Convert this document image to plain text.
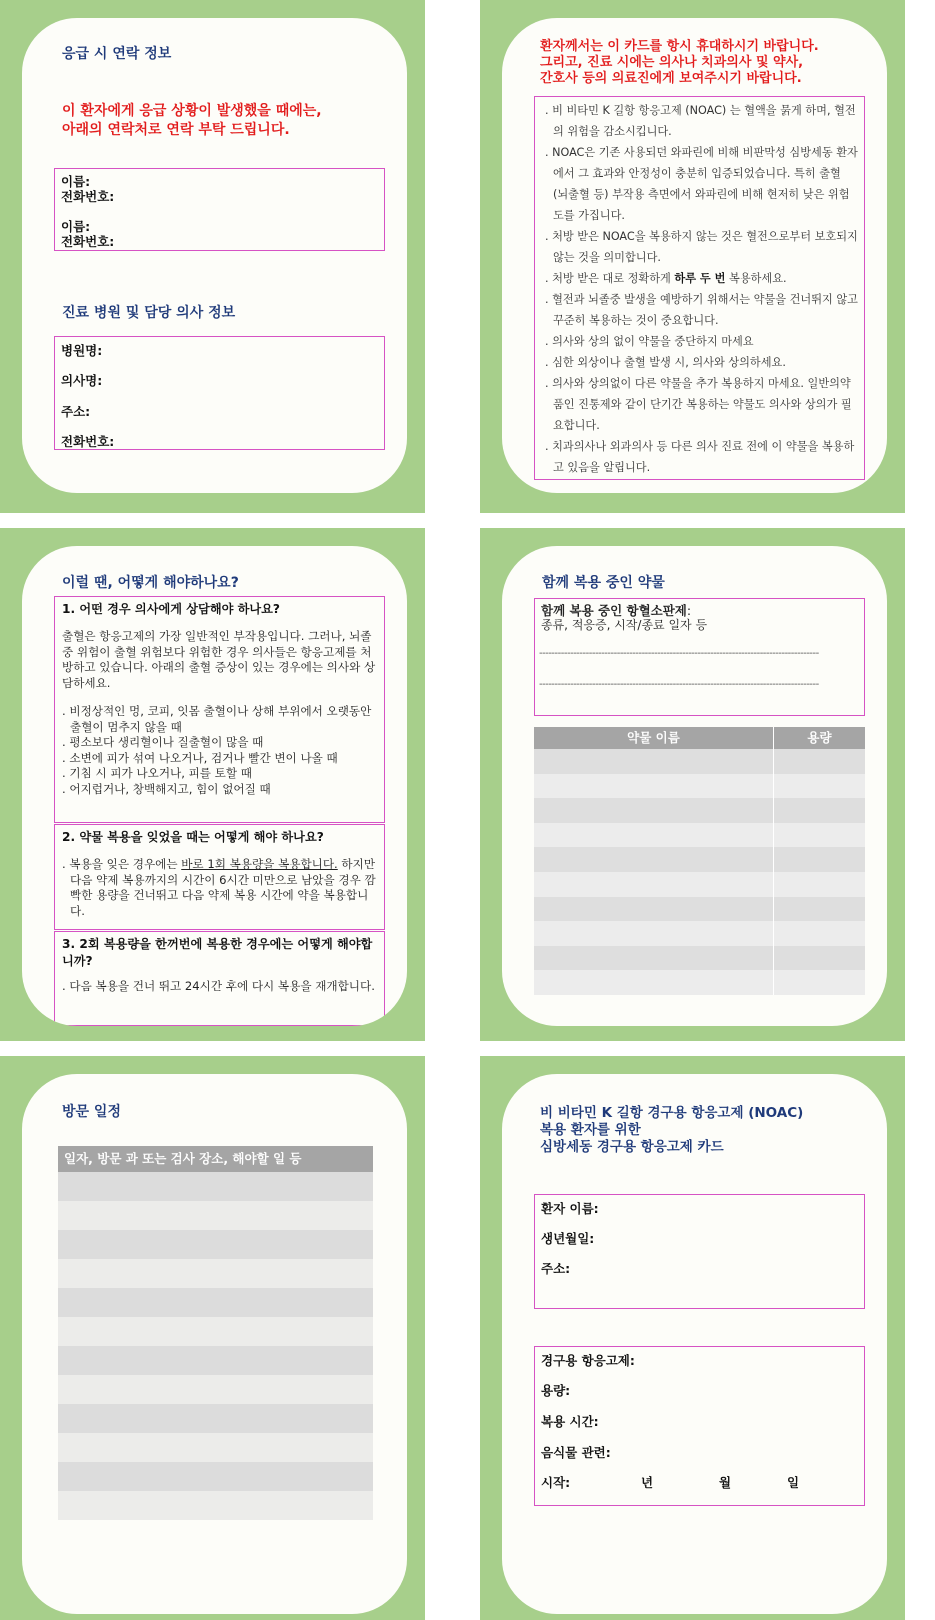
응급 시 연락 정보
이 환자에게 응급 상황이 발생했을 때에는,
아래의 연락처로 연락 부탁 드립니다.
이름:
전화번호:
이름:
전화번호:
진료 병원 및 담당 의사 정보
병원명:
의사명:
주소:
전화번호:
환자께서는 이 카드를 항시 휴대하시기 바랍니다.
그리고, 진료 시에는 의사나 치과의사 및 약사,
간호사 등의 의료진에게 보여주시기 바랍니다.
. 비 비타민 K 길항 항응고제 (NOAC) 는 혈액을 묽게 하며, 혈전의 위험을 감소시킵니다.
. NOAC은 기존 사용되던 와파린에 비해 비판막성 심방세동 환자에서 그 효과와 안정성이 충분히 입증되었습니다. 특히 출혈 (뇌출혈 등) 부작용 측면에서 와파린에 비해 현저히 낮은 위험도를 가집니다.
. 처방 받은 NOAC을 복용하지 않는 것은 혈전으로부터 보호되지 않는 것을 의미합니다.
. 처방 받은 대로 정확하게 하루 두 번 복용하세요.
. 혈전과 뇌졸중 발생을 예방하기 위해서는 약물을 건너뛰지 않고 꾸준히 복용하는 것이 중요합니다.
. 의사와 상의 없이 약물을 중단하지 마세요
. 심한 외상이나 출혈 발생 시, 의사와 상의하세요.
. 의사와 상의없이 다른 약물을 추가 복용하지 마세요. 일반의약품인 진통제와 같이 단기간 복용하는 약물도 의사와 상의가 필요합니다.
. 치과의사나 외과의사 등 다른 의사 진료 전에 이 약물을 복용하고 있음을 알립니다.
이럴 땐, 어떻게 해야하나요?
1. 어떤 경우 의사에게 상담해야 하나요?
출혈은 항응고제의 가장 일반적인 부작용입니다. 그러나, 뇌졸중 위험이 출혈 위험보다 위험한 경우 의사들은 항응고제를 처방하고 있습니다. 아래의 출혈 증상이 있는 경우에는 의사와 상담하세요.
. 비정상적인 멍, 코피, 잇몸 출혈이나 상해 부위에서 오랫동안 출혈이 멈추지 않을 때
. 평소보다 생리혈이나 질출혈이 많을 때
. 소변에 피가 섞여 나오거나, 검거나 빨간 변이 나올 때
. 기침 시 피가 나오거나, 피를 토할 때
. 어지럽거나, 창백해지고, 힘이 없어질 때
2. 약물 복용을 잊었을 때는 어떻게 해야 하나요?
. 복용을 잊은 경우에는 바로 1회 복용량을 복용합니다. 하지만 다음 약제 복용까지의 시간이 6시간 미만으로 남았을 경우 깜빡한 용량을 건너뛰고 다음 약제 복용 시간에 약을 복용합니다.
3. 2회 복용량을 한꺼번에 복용한 경우에는 어떻게 해야합니까?
. 다음 복용을 건너 뛰고 24시간 후에 다시 복용을 재개합니다.
함께 복용 중인 약물
함께 복용 중인 항혈소판제:
종류, 적응증, 시작/종료 일자 등
------------------------------------------------------------------------------------------
------------------------------------------------------------------------------------------
약물 이름	용량
방문 일정
일자, 방문 과 또는 검사 장소, 해야할 일 등
비 비타민 K 길항 경구용 항응고제 (NOAC)
복용 환자를 위한
심방세동 경구용 항응고제 카드
환자 이름:
생년월일:
주소:
경구용 항응고제:
용량:
복용 시간:
음식물 관련:
시작:	년	월	일
